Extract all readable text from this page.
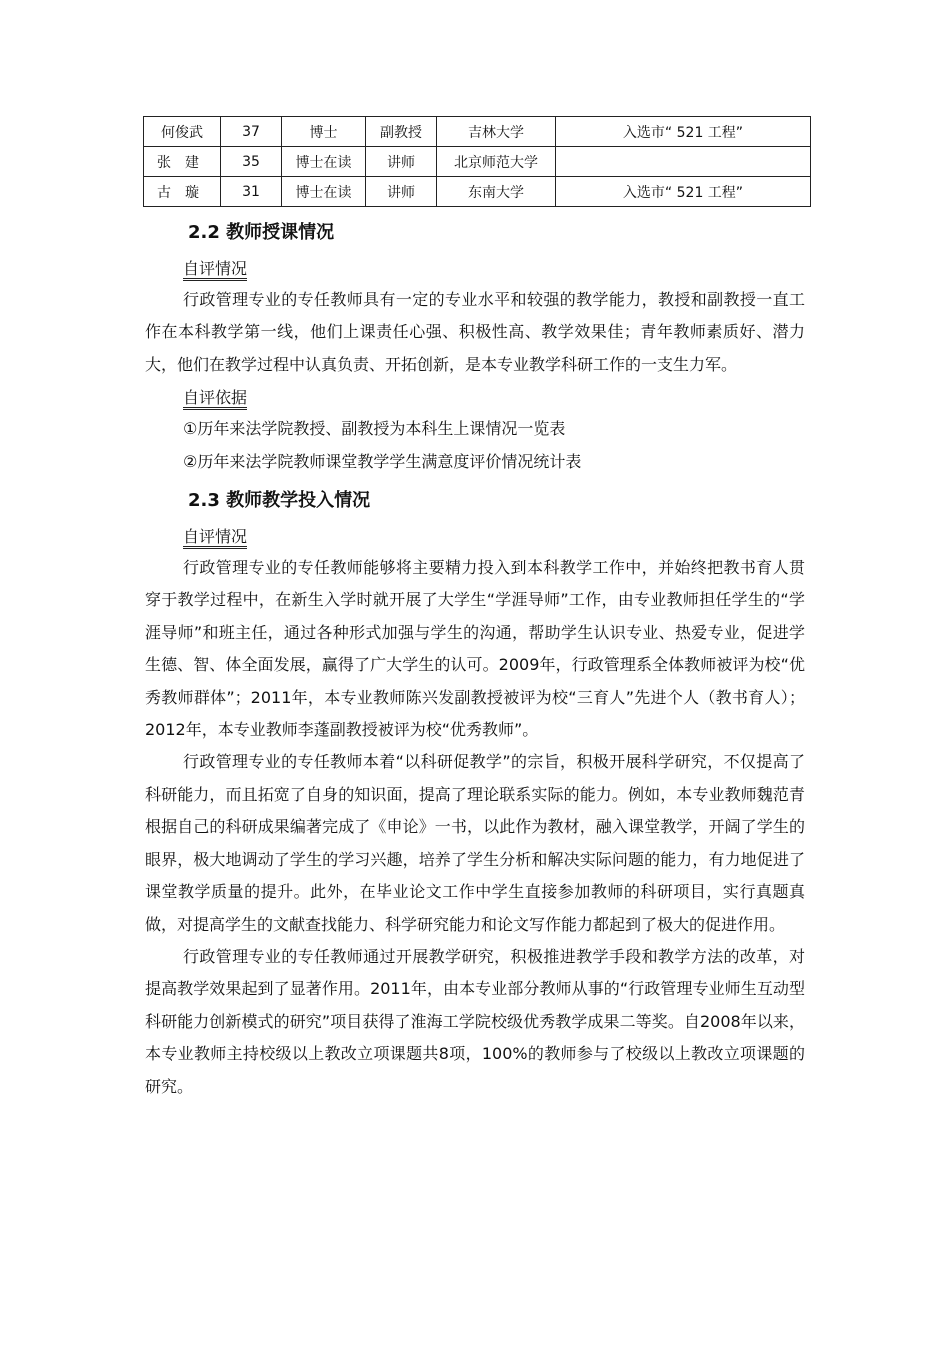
何俊武	37	博士	副教授	吉林大学	入选市“ 521 工程”
张建	35	博士在读	讲师	北京师范大学	
古璇	31	博士在读	讲师	东南大学	入选市“ 521 工程”
2.2 教师授课情况

自评情况

行政管理专业的专任教师具有一定的专业水平和较强的教学能力，教授和副教授一直工作在本科教学第一线，他们上课责任心强、积极性高、教学效果佳；青年教师素质好、潜力大，他们在教学过程中认真负责、开拓创新，是本专业教学科研工作的一支生力军。

自评依据

①历年来法学院教授、副教授为本科生上课情况一览表

②历年来法学院教师课堂教学学生满意度评价情况统计表

2.3 教师教学投入情况

自评情况

行政管理专业的专任教师能够将主要精力投入到本科教学工作中，并始终把教书育人贯穿于教学过程中，在新生入学时就开展了大学生“学涯导师”工作，由专业教师担任学生的“学涯导师”和班主任，通过各种形式加强与学生的沟通，帮助学生认识专业、热爱专业，促进学生德、智、体全面发展，赢得了广大学生的认可。2009年，行政管理系全体教师被评为校“优秀教师群体”；2011年，本专业教师陈兴发副教授被评为校“三育人”先进个人（教书育人）；2012年，本专业教师李蓬副教授被评为校“优秀教师”。

行政管理专业的专任教师本着“以科研促教学”的宗旨，积极开展科学研究，不仅提高了科研能力，而且拓宽了自身的知识面，提高了理论联系实际的能力。例如，本专业教师魏范青根据自己的科研成果编著完成了《申论》一书，以此作为教材，融入课堂教学，开阔了学生的眼界，极大地调动了学生的学习兴趣，培养了学生分析和解决实际问题的能力，有力地促进了课堂教学质量的提升。此外，在毕业论文工作中学生直接参加教师的科研项目，实行真题真做，对提高学生的文献查找能力、科学研究能力和论文写作能力都起到了极大的促进作用。

行政管理专业的专任教师通过开展教学研究，积极推进教学手段和教学方法的改革，对提高教学效果起到了显著作用。2011年，由本专业部分教师从事的“行政管理专业师生互动型科研能力创新模式的研究”项目获得了淮海工学院校级优秀教学成果二等奖。自2008年以来，本专业教师主持校级以上教改立项课题共8项，100%的教师参与了校级以上教改立项课题的研究。
